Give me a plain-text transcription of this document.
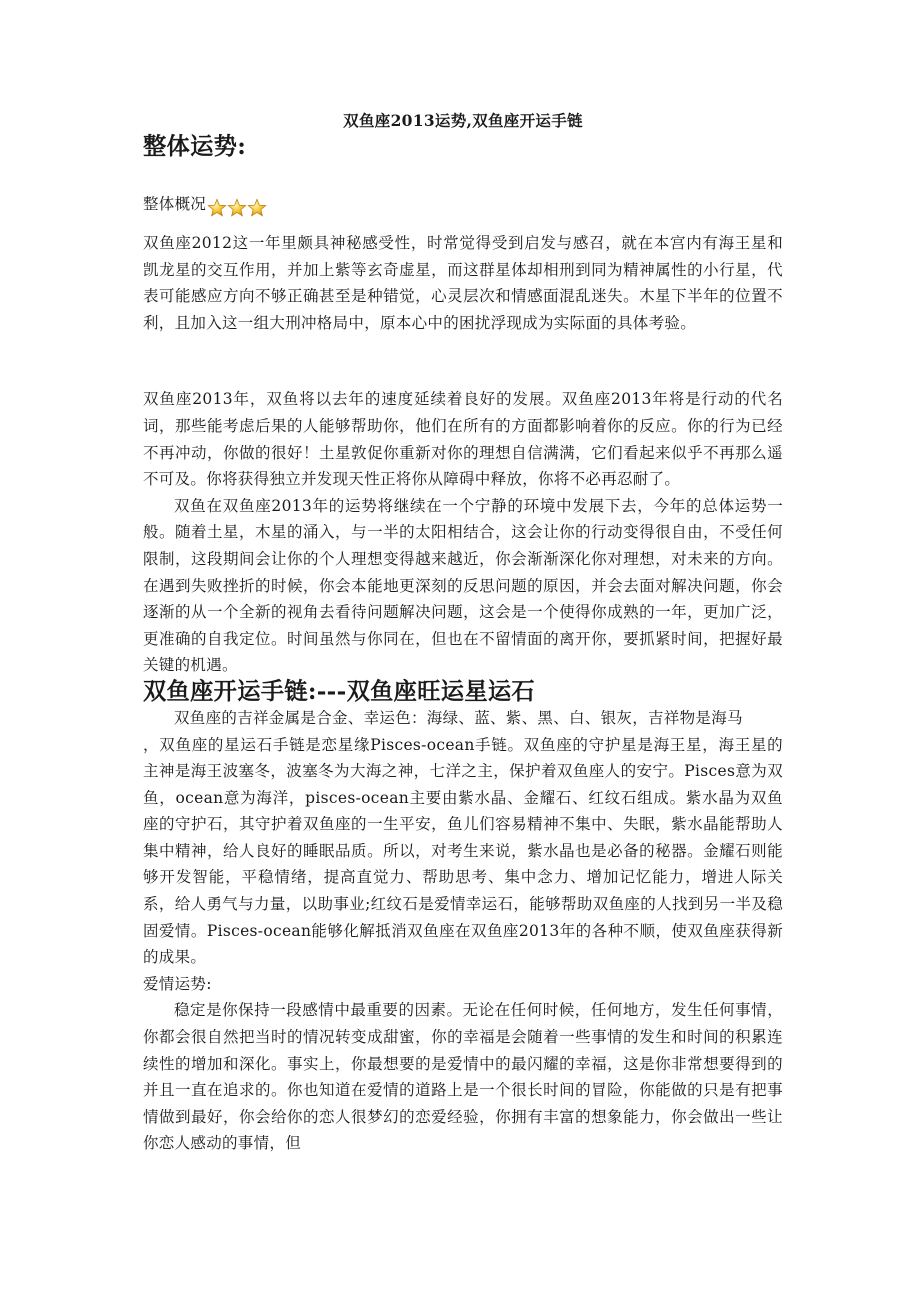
双鱼座2013运势,双鱼座开运手链
整体运势:
整体概况

双鱼座2012这一年里颇具神秘感受性，时常觉得受到启发与感召，就在本宫内有海王星和凯龙星的交互作用，并加上紫等玄奇虚星，而这群星体却相刑到同为精神属性的小行星，代表可能感应方向不够正确甚至是种错觉，心灵层次和情感面混乱迷失。木星下半年的位置不利，且加入这一组大刑冲格局中，原本心中的困扰浮现成为实际面的具体考验。

双鱼座2013年，双鱼将以去年的速度延续着良好的发展。双鱼座2013年将是行动的代名词，那些能考虑后果的人能够帮助你，他们在所有的方面都影响着你的反应。你的行为已经不再冲动，你做的很好！土星敦促你重新对你的理想自信满满，它们看起来似乎不再那么遥不可及。你将获得独立并发现天性正将你从障碍中释放，你将不必再忍耐了。

双鱼在双鱼座2013年的运势将继续在一个宁静的环境中发展下去，今年的总体运势一般。随着土星，木星的涌入，与一半的太阳相结合，这会让你的行动变得很自由，不受任何限制，这段期间会让你的个人理想变得越来越近，你会渐渐深化你对理想，对未来的方向。在遇到失败挫折的时候，你会本能地更深刻的反思问题的原因，并会去面对解决问题，你会逐渐的从一个全新的视角去看待问题解决问题，这会是一个使得你成熟的一年，更加广泛，更准确的自我定位。时间虽然与你同在，但也在不留情面的离开你，要抓紧时间，把握好最关键的机遇。

双鱼座开运手链:---双鱼座旺运星运石

双鱼座的吉祥金属是合金、幸运色：海绿、蓝、紫、黑、白、银灰，吉祥物是海马

，双鱼座的星运石手链是恋星缘Pisces-ocean手链。双鱼座的守护星是海王星，海王星的主神是海王波塞冬，波塞冬为大海之神，七洋之主，保护着双鱼座人的安宁。Pisces意为双鱼，ocean意为海洋，pisces-ocean主要由紫水晶、金耀石、红纹石组成。紫水晶为双鱼座的守护石，其守护着双鱼座的一生平安，鱼儿们容易精神不集中、失眠，紫水晶能帮助人集中精神，给人良好的睡眠品质。所以，对考生来说，紫水晶也是必备的秘器。金耀石则能够开发智能，平稳情绪，提高直觉力、帮助思考、集中念力、增加记忆能力，增进人际关系，给人勇气与力量，以助事业;红纹石是爱情幸运石，能够帮助双鱼座的人找到另一半及稳固爱情。Pisces-ocean能够化解抵消双鱼座在双鱼座2013年的各种不顺，使双鱼座获得新的成果。

爱情运势:

稳定是你保持一段感情中最重要的因素。无论在任何时候，任何地方，发生任何事情，你都会很自然把当时的情况转变成甜蜜，你的幸福是会随着一些事情的发生和时间的积累连续性的增加和深化。事实上，你最想要的是爱情中的最闪耀的幸福，这是你非常想要得到的并且一直在追求的。你也知道在爱情的道路上是一个很长时间的冒险，你能做的只是有把事情做到最好，你会给你的恋人很梦幻的恋爱经验，你拥有丰富的想象能力，你会做出一些让你恋人感动的事情，但
